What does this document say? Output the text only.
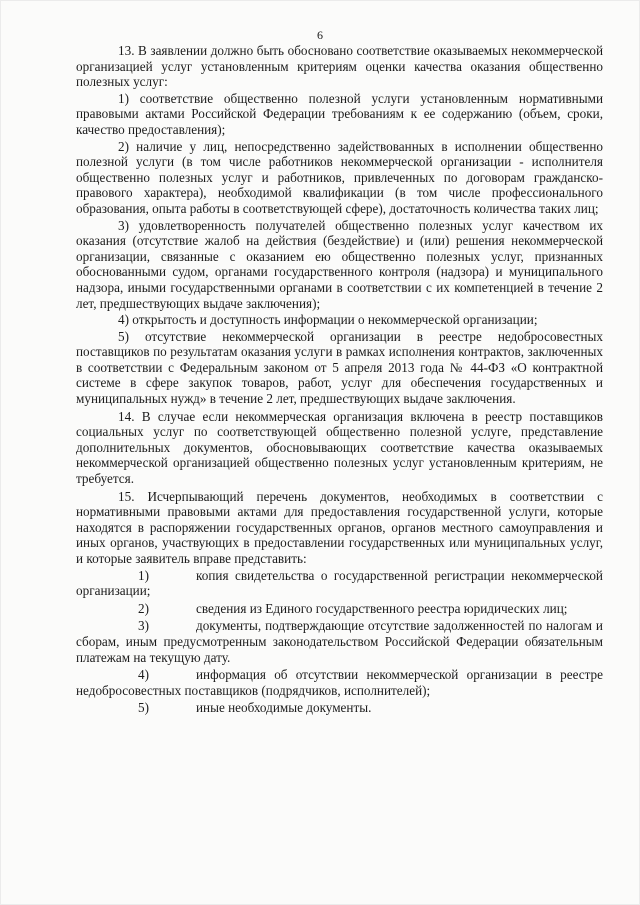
6

13. В заявлении должно быть обосновано соответствие оказываемых некоммерческой организацией услуг установленным критериям оценки качества оказания общественно полезных услуг:

1) соответствие общественно полезной услуги установленным нормативными правовыми актами Российской Федерации требованиям к ее содержанию (объем, сроки, качество предоставления);

2) наличие у лиц, непосредственно задействованных в исполнении общественно полезной услуги (в том числе работников некоммерческой организации - исполнителя общественно полезных услуг и работников, привлеченных по договорам гражданско-правового характера), необходимой квалификации (в том числе профессионального образования, опыта работы в соответствующей сфере), достаточность количества таких лиц;

3) удовлетворенность получателей общественно полезных услуг качеством их оказания (отсутствие жалоб на действия (бездействие) и (или) решения некоммерческой организации, связанные с оказанием ею общественно полезных услуг, признанных обоснованными судом, органами государственного контроля (надзора) и муниципального надзора, иными государственными органами в соответствии с их компетенцией в течение 2 лет, предшествующих выдаче заключения);

4) открытость и доступность информации о некоммерческой организации;

5) отсутствие некоммерческой организации в реестре недобросовестных поставщиков по результатам оказания услуги в рамках исполнения контрактов, заключенных в соответствии с Федеральным законом от 5 апреля 2013 года № 44-ФЗ «О контрактной системе в сфере закупок товаров, работ, услуг для обеспечения государственных и муниципальных нужд» в течение 2 лет, предшествующих выдаче заключения.

14. В случае если некоммерческая организация включена в реестр поставщиков социальных услуг по соответствующей общественно полезной услуге, представление дополнительных документов, обосновывающих соответствие качества оказываемых некоммерческой организацией общественно полезных услуг установленным критериям, не требуется.

15. Исчерпывающий перечень документов, необходимых в соответствии с нормативными правовыми актами для предоставления государственной услуги, которые находятся в распоряжении государственных органов, органов местного самоуправления и иных органов, участвующих в предоставлении государственных или муниципальных услуг, и которые заявитель вправе представить:

1)	копия свидетельства о государственной регистрации некоммерческой организации;

2)	сведения из Единого государственного реестра юридических лиц;

3)	документы, подтверждающие отсутствие задолженностей по налогам и сборам, иным предусмотренным законодательством Российской Федерации обязательным платежам на текущую дату.

4)	информация об отсутствии некоммерческой организации в реестре недобросовестных поставщиков (подрядчиков, исполнителей);

5)	иные необходимые документы.
